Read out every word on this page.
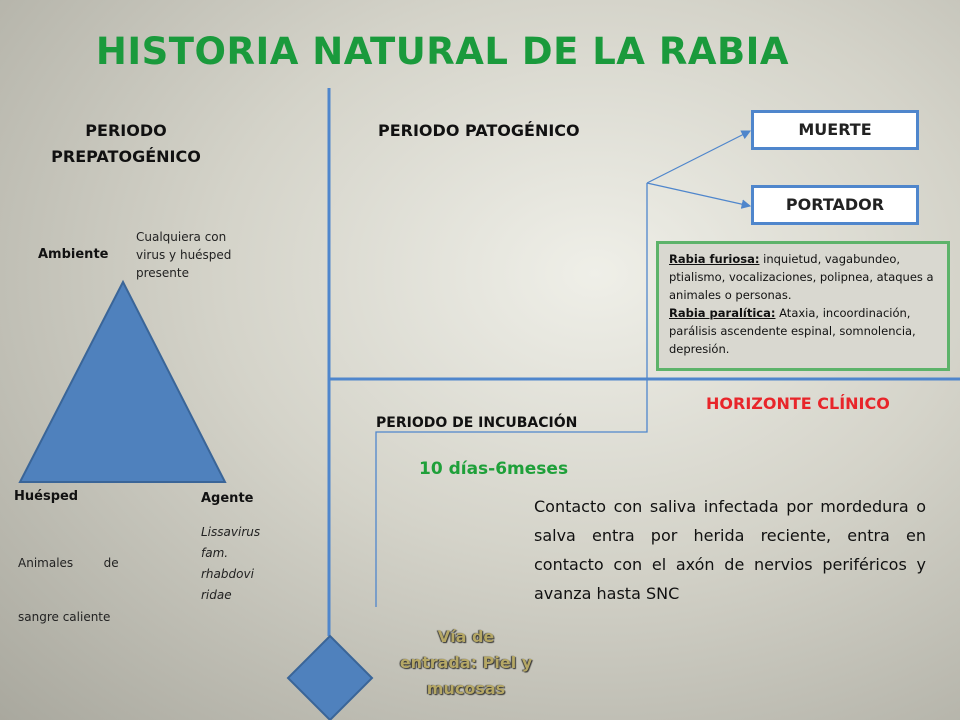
HISTORIA NATURAL DE LA RABIA
PERIODO
PREPATOGÉNICO
PERIODO PATOGÉNICO
PERIODO DE INCUBACIÓN
Ambiente
Cualquiera con
virus y huésped
presente
Huésped

Animales        de

sangre caliente

Agente
Lissavirus
fam.
rhabdovi
ridae
MUERTE
PORTADOR
Rabia furiosa: inquietud, vagabundeo, ptialismo, vocalizaciones, polipnea, ataques a animales o personas.
Rabia paralítica: Ataxia, incoordinación, parálisis ascendente espinal, somnolencia, depresión.
HORIZONTE CLÍNICO
10 días-6meses
Contacto con saliva infectada por mordedura o salva entra por herida reciente, entra en contacto con el axón de nervios periféricos y avanza hasta SNC
Vía de
entrada: Piel y
mucosas
